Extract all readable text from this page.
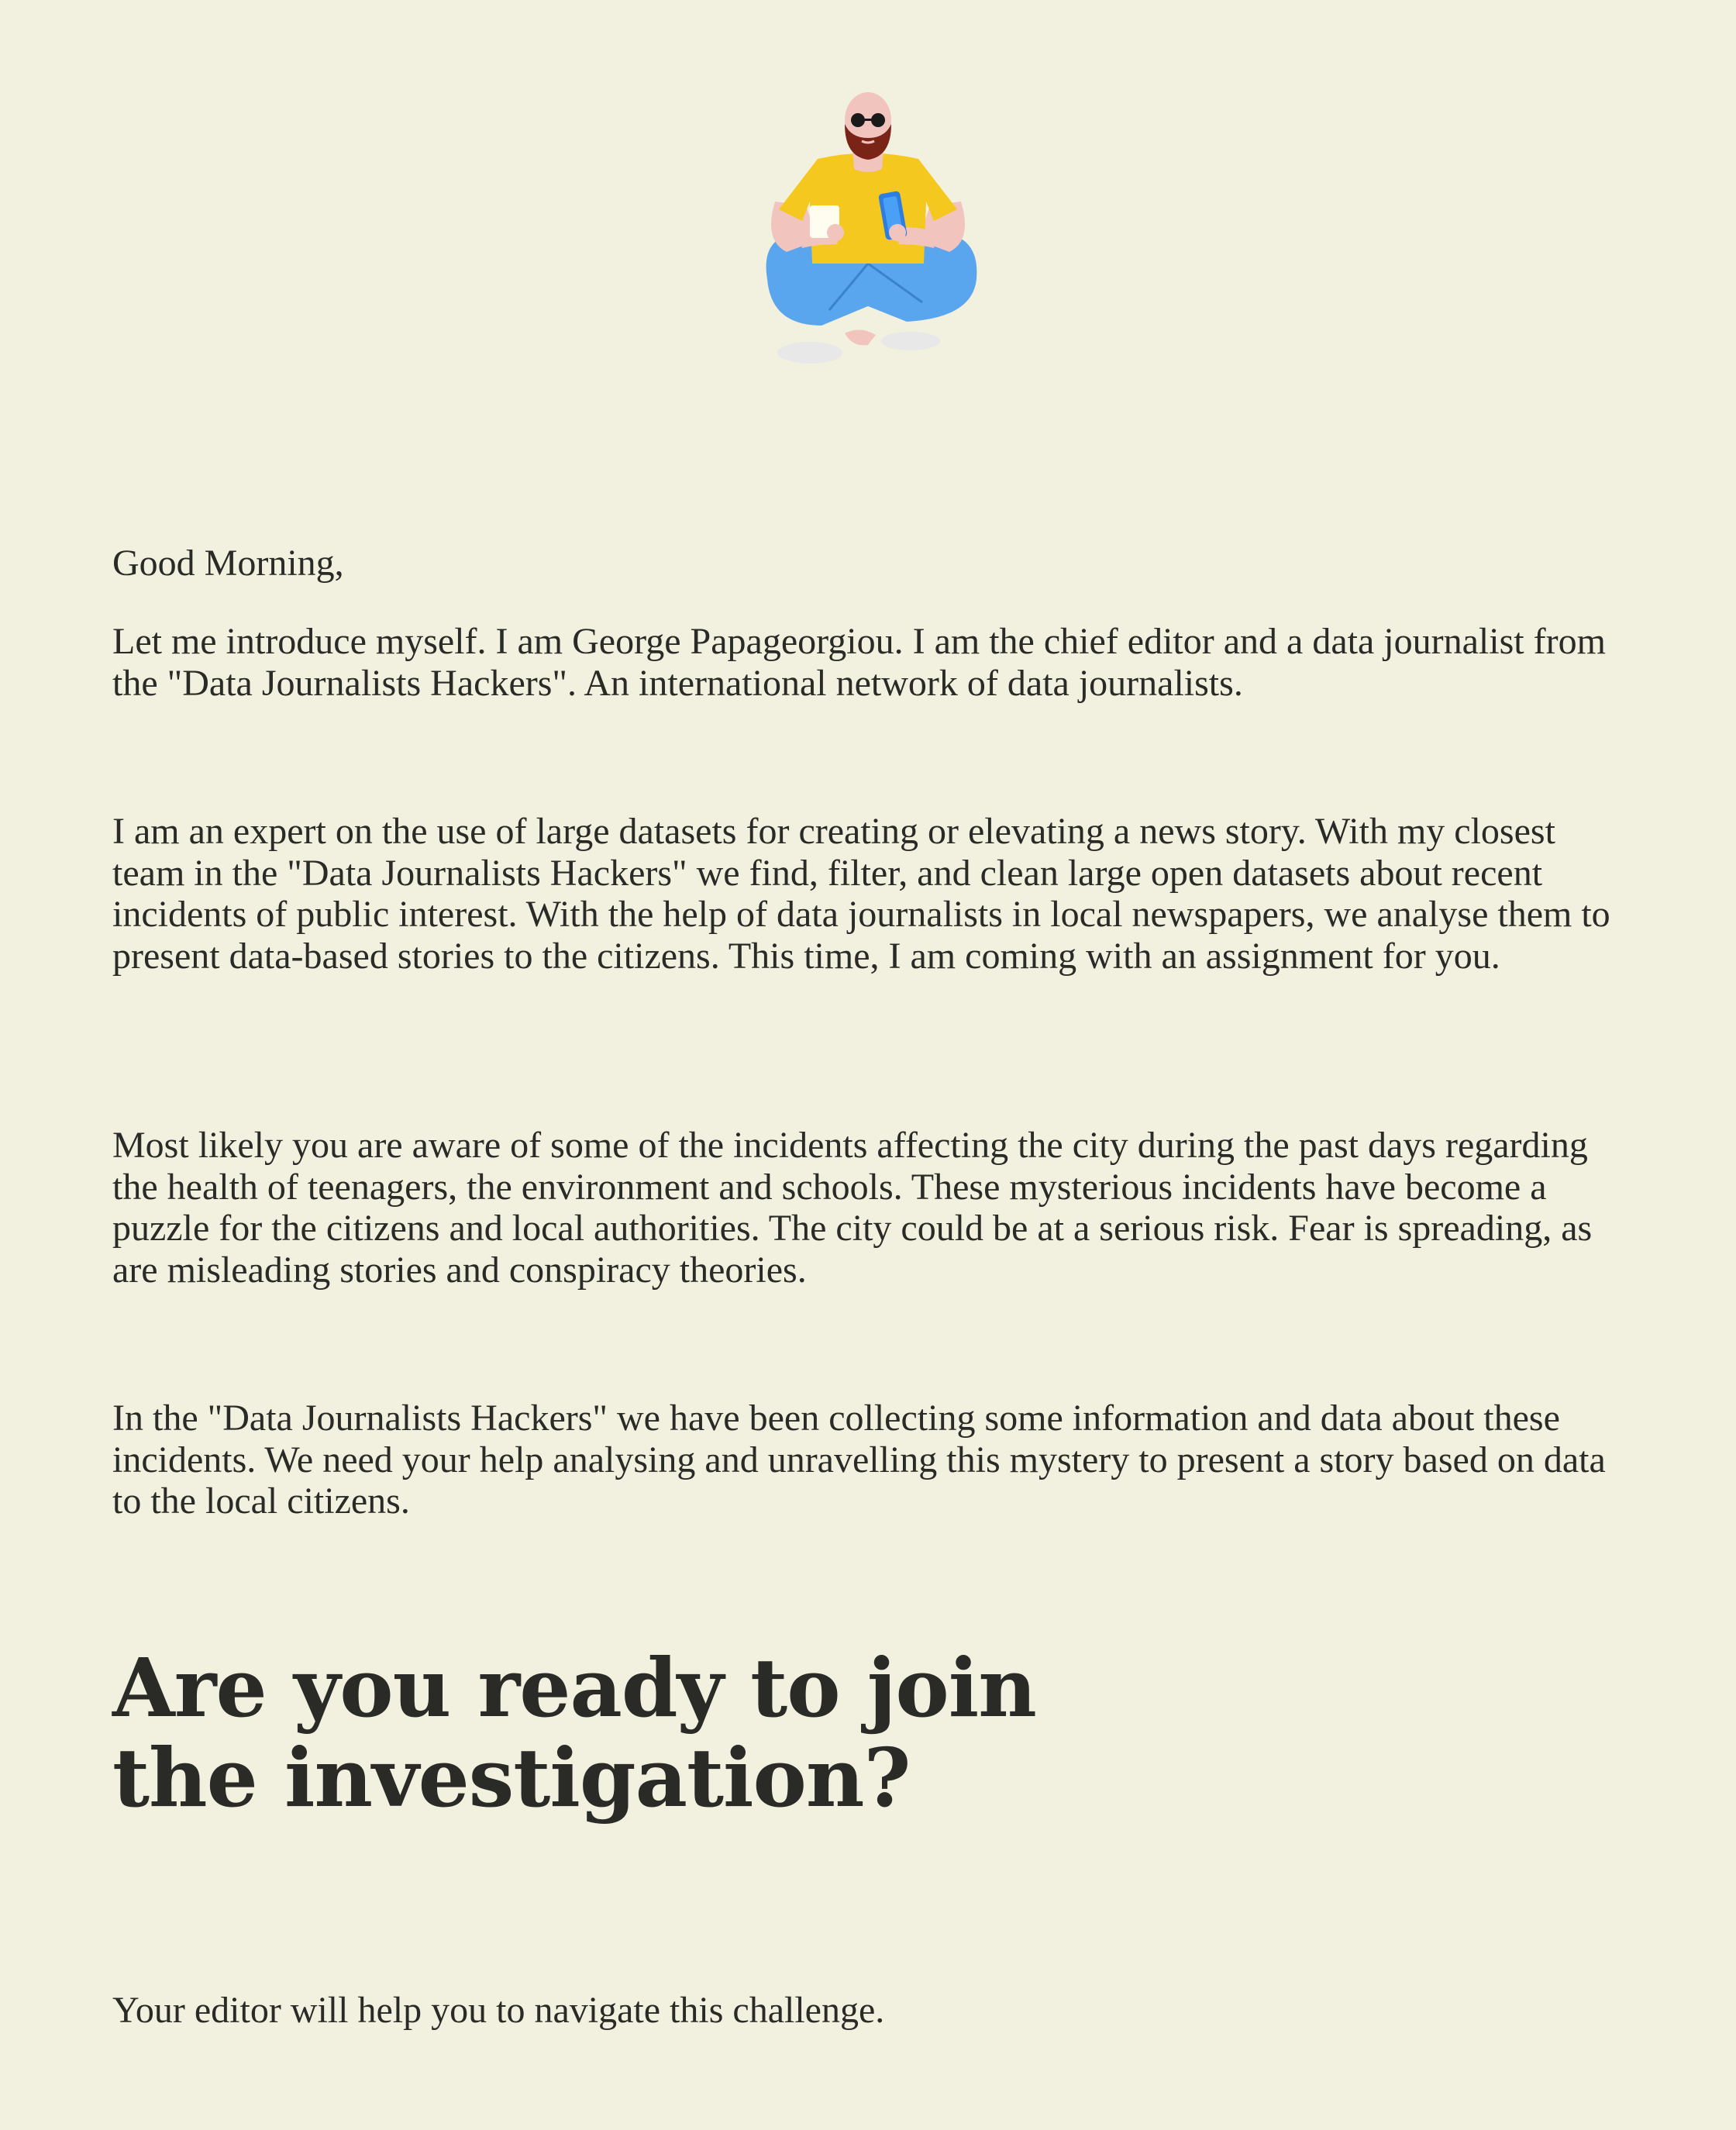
Good Morning,

Let me introduce myself. I am George Papageorgiou. I am the chief editor and a data journalist from the "Data Journalists Hackers". An international network of data journalists.

I am an expert on the use of large datasets for creating or elevating a news story. With my closest team in the "Data Journalists Hackers" we find, filter, and clean large open datasets about recent incidents of public interest. With the help of data journalists in local newspapers, we analyse them to present data-based stories to the citizens. This time, I am coming with an assignment for you.

Most likely you are aware of some of the incidents affecting the city during the past days regarding the health of teenagers, the environment and schools. These mysterious incidents have become a puzzle for the citizens and local authorities. The city could be at a serious risk. Fear is spreading, as are misleading stories and conspiracy theories.

In the "Data Journalists Hackers" we have been collecting some information and data about these incidents. We need your help analysing and unravelling this mystery to present a story based on data to the local citizens.

Are you ready to join
the investigation?

Your editor will help you to navigate this challenge.
